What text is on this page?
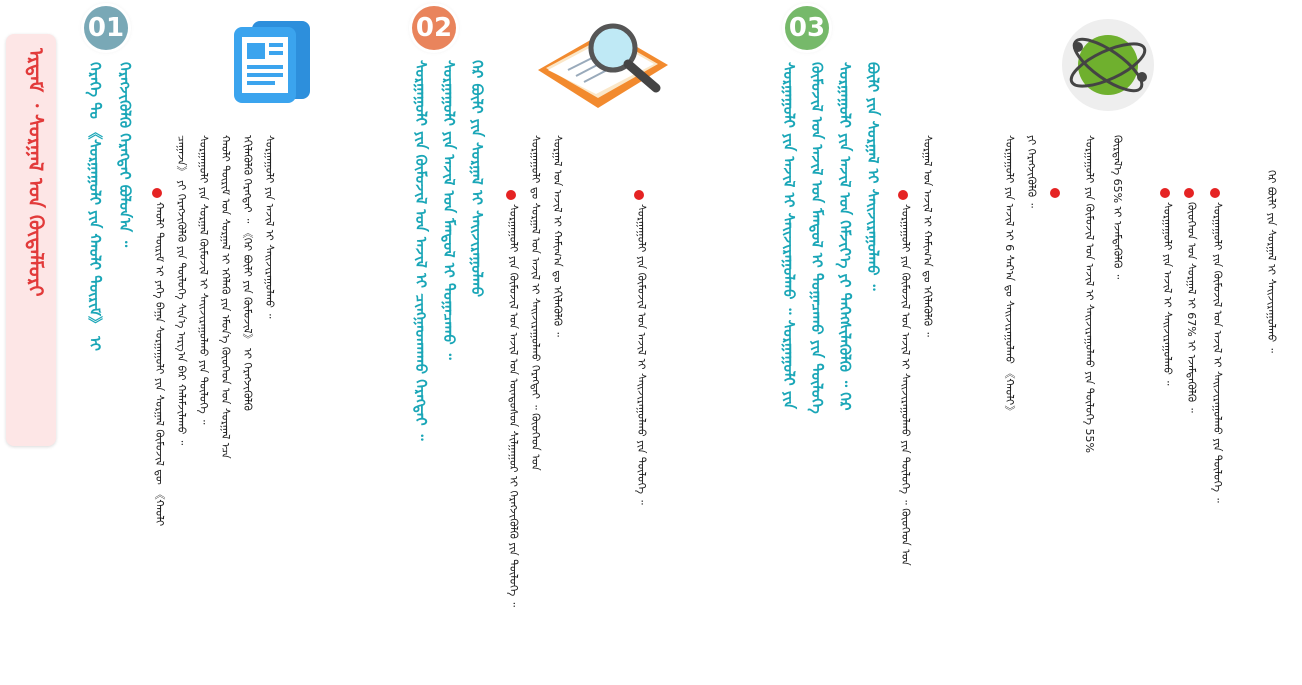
ᠡᠷᠳᠡᠮ ᠂ ᠰᠤᠷᠭᠠᠯ ᠤᠨ ᠬᠦᠳᠡᠯᠮᠦᠷᠢ
01
ᠭᠡᠷᠡᠭᠡ ᠲᠤ 《ᠰᠤᠷᠭᠠᠭᠤᠯᠢ ᠶᠢᠨ ᠬᠠᠤᠯᠢ ᠳᠦᠷᠢᠮ》 ᠢ ᠬᠡᠷᠡᠭᠵᠢᠭᠦᠯᠬᠦ ᠬᠡᠷᠡᠭᠲᠡᠢ ᠪᠣᠯᠤᠨ᠎ᠠ ᠃
ᠬᠠᠤᠯᠢ ᠳᠦᠷᠢᠮ ᠢ ᠶᠡᠬᠡ ᠪᠠᠭᠠ ᠰᠤᠷᠭᠠᠭᠤᠯᠢ ᠶᠢᠨ ᠰᠤᠷᠭᠠᠯ ᠬᠦᠮᠦᠵᠢᠯ ᠳᠦ 《ᠬᠠᠤᠯᠢ ᠴᠠᠭᠠᠵᠠ》 ᠶᠢ ᠬᠡᠷᠡᠭᠵᠢᠭᠦᠯᠬᠦ ᠶᠢᠨ ᠲᠥᠯᠥᠭᠡ ᠰᠢᠨ᠎ᠡ ᠠᠷᠭ᠎ᠠ ᠪᠠᠷ ᠬᠠᠯᠠᠮᠵᠢᠯᠠᠬᠤ ᠃ ᠰᠤᠷᠭᠠᠭᠤᠯᠢ ᠶᠢᠨ ᠰᠤᠷᠭᠠᠯ ᠬᠦᠮᠦᠵᠢᠯ ᠢ ᠰᠠᠢᠵᠢᠷᠠᠭᠤᠯᠬᠤ ᠶᠢᠨ ᠲᠥᠯᠥᠭᠡ ᠃ ᠬᠠᠤᠯᠢ ᠳᠦᠷᠢᠮ ᠤᠨ ᠰᠤᠷᠭᠠᠯ ᠢ ᠡᠬᠡᠯᠡᠬᠦ ᠶᠢᠨ ᠡᠮᠦᠨ᠎ᠡ ᠬᠦᠦᠬᠡᠳ ᠤᠨ ᠰᠤᠷᠭᠠᠯ ᠡᠴᠡ ᠡᠬᠢᠯᠡᠭᠦᠯᠬᠦ ᠬᠡᠷᠡᠭᠲᠡᠢ ᠃ 《ᠭᠡᠷ ᠪᠦᠯᠢ ᠶᠢᠨ ᠬᠦᠮᠦᠵᠢᠯ》 ᠢ ᠬᠡᠷᠡᠭᠵᠢᠭᠦᠯᠬᠦ ᠰᠤᠷᠭᠠᠭᠤᠯᠢ ᠶᠢᠨ ᠠᠵᠢᠯ ᠢ ᠰᠠᠢᠵᠢᠷᠠᠭᠤᠯᠬᠤ ᠃
02
ᠰᠤᠷᠭᠠᠭᠤᠯᠢ ᠶᠢᠨ ᠬᠦᠮᠦᠵᠢᠯ ᠤᠨ ᠠᠵᠢᠯ ᠢ ᠴᠢᠩᠭᠠᠳᠬᠠᠬᠤ ᠬᠡᠷᠡᠭᠲᠡᠢ ᠃ ᠰᠤᠷᠭᠠᠭᠤᠯᠢ ᠶᠢᠨ ᠠᠵᠢᠯ ᠤᠨ ᠮᠠᠨᠳᠤᠯ ᠢ ᠲᠤᠭᠠᠴᠠᠬᠤ ᠃ ᠭᠡᠷ ᠪᠦᠯᠢ ᠶᠢᠨ ᠰᠤᠷᠭᠠᠯ ᠢ ᠰᠠᠢᠵᠢᠷᠠᠭᠤᠯᠬᠤ
ᠰᠤᠷᠭᠠᠭᠤᠯᠢ ᠶᠢᠨ ᠬᠦᠮᠦᠵᠢᠯ ᠤᠨ ᠠᠵᠢᠯ ᠤᠨ ᠦᠨᠳᠦᠰᠦᠨ ᠰᠢᠯᠭᠠᠭᠤᠷ ᠢ ᠬᠡᠷᠡᠭᠵᠢᠭᠦᠯᠬᠦ ᠶᠢᠨ ᠲᠥᠯᠥᠭᠡ ᠃ ᠰᠤᠷᠭᠠᠭᠤᠯᠢ ᠳᠤ ᠰᠤᠷᠭᠠᠯ ᠤᠨ ᠠᠵᠢᠯ ᠢ ᠰᠠᠢᠵᠢᠷᠠᠭᠤᠯᠬᠤ ᠬᠡᠷᠡᠭᠲᠡᠢ ᠃ ᠬᠦᠦᠬᠡᠳ ᠤᠨ ᠰᠤᠷᠭᠠᠯ ᠤᠨ ᠠᠵᠢᠯ ᠢ ᠬᠠᠮᠢᠭ᠎ᠠ ᠳᠤ ᠡᠬᠢᠯᠡᠭᠦᠯᠬᠦ ᠃	ᠰᠤᠷᠭᠠᠭᠤᠯᠢ ᠶᠢᠨ ᠬᠦᠮᠦᠵᠢᠯ ᠤᠨ ᠠᠵᠢᠯ ᠢ ᠰᠠᠢᠵᠢᠷᠠᠭᠤᠯᠬᠤ ᠶᠢᠨ ᠲᠥᠯᠥᠭᠡ ᠃
03
ᠰᠤᠷᠭᠠᠭᠤᠯᠢ ᠶᠢᠨ ᠠᠵᠢᠯ ᠢ ᠰᠠᠢᠵᠢᠷᠠᠭᠤᠯᠬᠤ ᠃ ᠰᠤᠷᠭᠠᠭᠤᠯᠢ ᠶᠢᠨ ᠬᠦᠮᠦᠵᠢᠯ ᠤᠨ ᠠᠵᠢᠯ ᠤᠨ ᠮᠠᠨᠳᠤᠯ ᠢ ᠲᠤᠭᠠᠴᠠᠬᠤ ᠶᠢᠨ ᠲᠥᠯᠥᠭᠡ ᠰᠤᠷᠭᠠᠭᠤᠯᠢ ᠶᠢᠨ ᠠᠵᠢᠯ ᠤᠨ ᠬᠡᠮᠵᠢᠶ᠎ᠡ ᠶᠢ ᠳᠡᠭᠡᠭᠰᠢᠯᠡᠭᠦᠯᠬᠦ ᠃ ᠭᠡᠷ ᠪᠦᠯᠢ ᠶᠢᠨ ᠰᠤᠷᠭᠠᠯ ᠢ ᠰᠠᠢᠵᠢᠷᠠᠭᠤᠯᠬᠤ ᠃
ᠰᠤᠷᠭᠠᠭᠤᠯᠢ ᠶᠢᠨ ᠬᠦᠮᠦᠵᠢᠯ ᠤᠨ ᠠᠵᠢᠯ ᠢ ᠰᠠᠢᠵᠢᠷᠠᠭᠤᠯᠬᠤ ᠶᠢᠨ ᠲᠥᠯᠥᠭᠡ ᠃ ᠬᠦᠦᠬᠡᠳ ᠤᠨ ᠰᠤᠷᠭᠠᠯ ᠤᠨ ᠠᠵᠢᠯ ᠢ ᠬᠠᠮᠢᠭ᠎ᠠ ᠳᠤ ᠡᠬᠢᠯᠡᠭᠦᠯᠬᠦ ᠃	ᠰᠤᠷᠭᠠᠭᠤᠯᠢ ᠶᠢᠨ ᠠᠵᠢᠯ ᠢ 6 ᠰᠠᠷ᠎ᠠ ᠳᠤ ᠰᠠᠢᠵᠢᠷᠠᠭᠤᠯᠬᠤ 《ᠬᠠᠤᠯᠢ》 ᠶᠢ ᠬᠡᠷᠡᠭᠵᠢᠭᠦᠯᠬᠦ ᠃	ᠰᠤᠷᠭᠠᠭᠤᠯᠢ ᠶᠢᠨ ᠬᠦᠮᠦᠵᠢᠯ ᠤᠨ ᠠᠵᠢᠯ ᠢ ᠰᠠᠢᠵᠢᠷᠠᠭᠤᠯᠬᠤ ᠶᠢᠨ ᠲᠥᠯᠥᠭᠡ 55% ᠬᠦᠷᠲᠡᠯ᠎ᠡ 65% ᠢ ᠡᠵᠡᠮᠳᠡᠭᠦᠯᠬᠦ ᠃	ᠰᠤᠷᠭᠠᠭᠤᠯᠢ ᠶᠢᠨ ᠠᠵᠢᠯ ᠢ ᠰᠠᠢᠵᠢᠷᠠᠭᠤᠯᠬᠤ ᠃ ᠬᠦᠦᠬᠡᠳ ᠤᠨ ᠰᠤᠷᠭᠠᠯ ᠢ 67% ᠢ ᠡᠵᠡᠮᠳᠡᠭᠦᠯᠬᠦ ᠃ ᠰᠤᠷᠭᠠᠭᠤᠯᠢ ᠶᠢᠨ ᠬᠦᠮᠦᠵᠢᠯ ᠤᠨ ᠠᠵᠢᠯ ᠢ ᠰᠠᠢᠵᠢᠷᠠᠭᠤᠯᠬᠤ ᠶᠢᠨ ᠲᠥᠯᠥᠭᠡ ᠃	ᠭᠡᠷ ᠪᠦᠯᠢ ᠶᠢᠨ ᠰᠤᠷᠭᠠᠯ ᠢ ᠰᠠᠢᠵᠢᠷᠠᠭᠤᠯᠬᠤ ᠃
